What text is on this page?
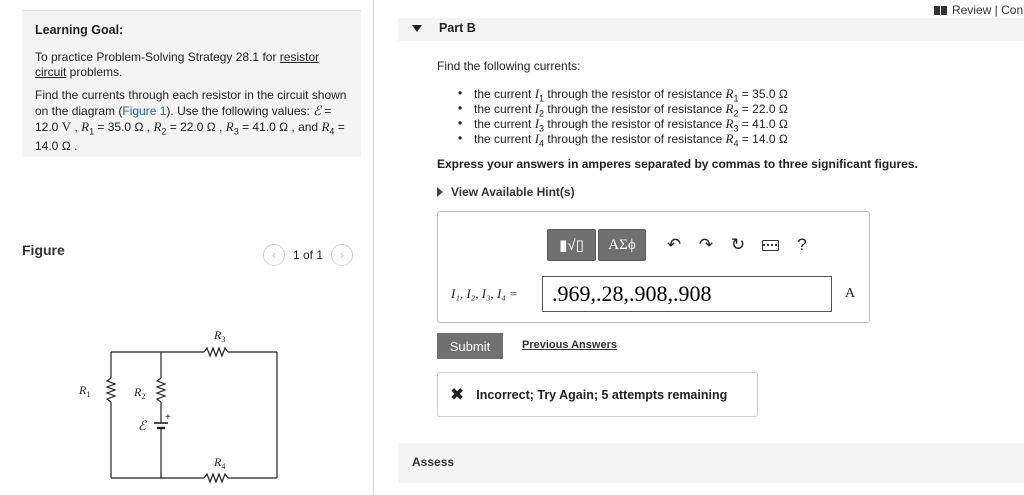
Learning Goal:

To practice Problem-Solving Strategy 28.1 for resistor circuit problems.

Find the currents through each resistor in the circuit shown on the diagram (Figure 1). Use the following values: ℰ = 12.0 V , $R_1 = 35.0$ Ω , $R_2 = 22.0$ Ω , $R_3 = 41.0$ Ω , and $R_4 = 14.0$ Ω .

Figure	‹ 1 of 1 ›
$R_1$	$R_2$
$R_3$
$R_4$
ℰ
+
Review | Con
Part B
Find the following currents:
• the current $I_1$ through the resistor of resistance $R_1 = 35.0$ Ω
• the current $I_2$ through the resistor of resistance $R_2 = 22.0$ Ω
• the current $I_3$ through the resistor of resistance $R_3 = 41.0$ Ω
• the current $I_4$ through the resistor of resistance $R_4 = 14.0$ Ω
Express your answers in amperes separated by commas to three significant figures.
View Available Hint(s)
▮√▯ ΑΣϕ ↶ ↷ ↻	?
I₁, I₂, I₃, I₄ =
.969,.28,.908,.908	A
Submit	Previous Answers
✖ Incorrect; Try Again; 5 attempts remaining
Assess
